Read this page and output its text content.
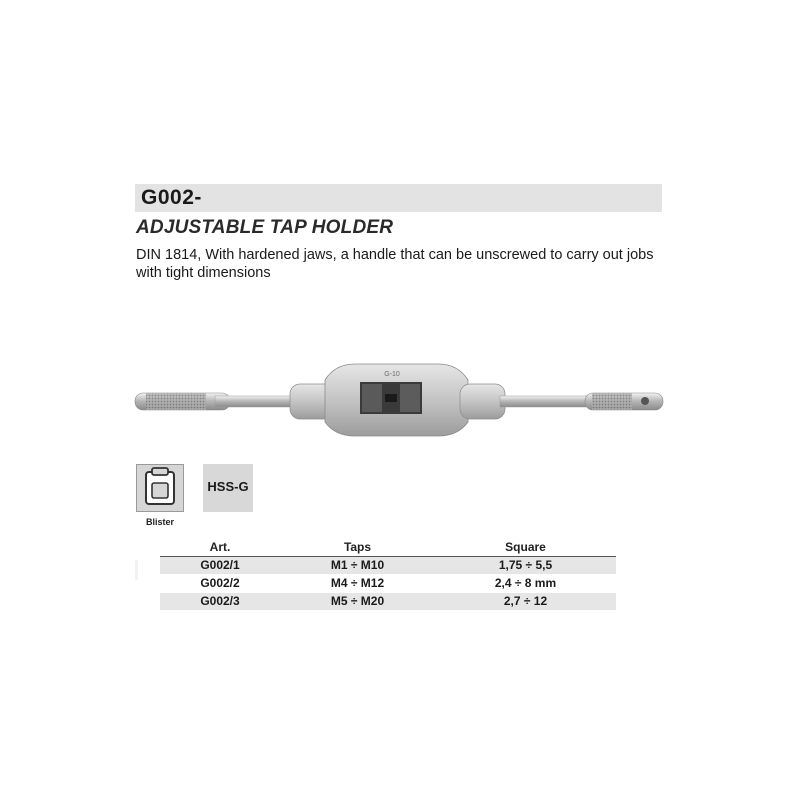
G002-
ADJUSTABLE TAP HOLDER
DIN 1814, With hardened jaws, a handle that can be unscrewed to carry out jobs with tight dimensions
G-10
Blister
HSS-G
Art.	Taps	Square
G002/1	M1 ÷ M10	1,75 ÷ 5,5
G002/2	M4 ÷ M12	2,4 ÷ 8 mm
G002/3	M5 ÷ M20	2,7 ÷ 12
